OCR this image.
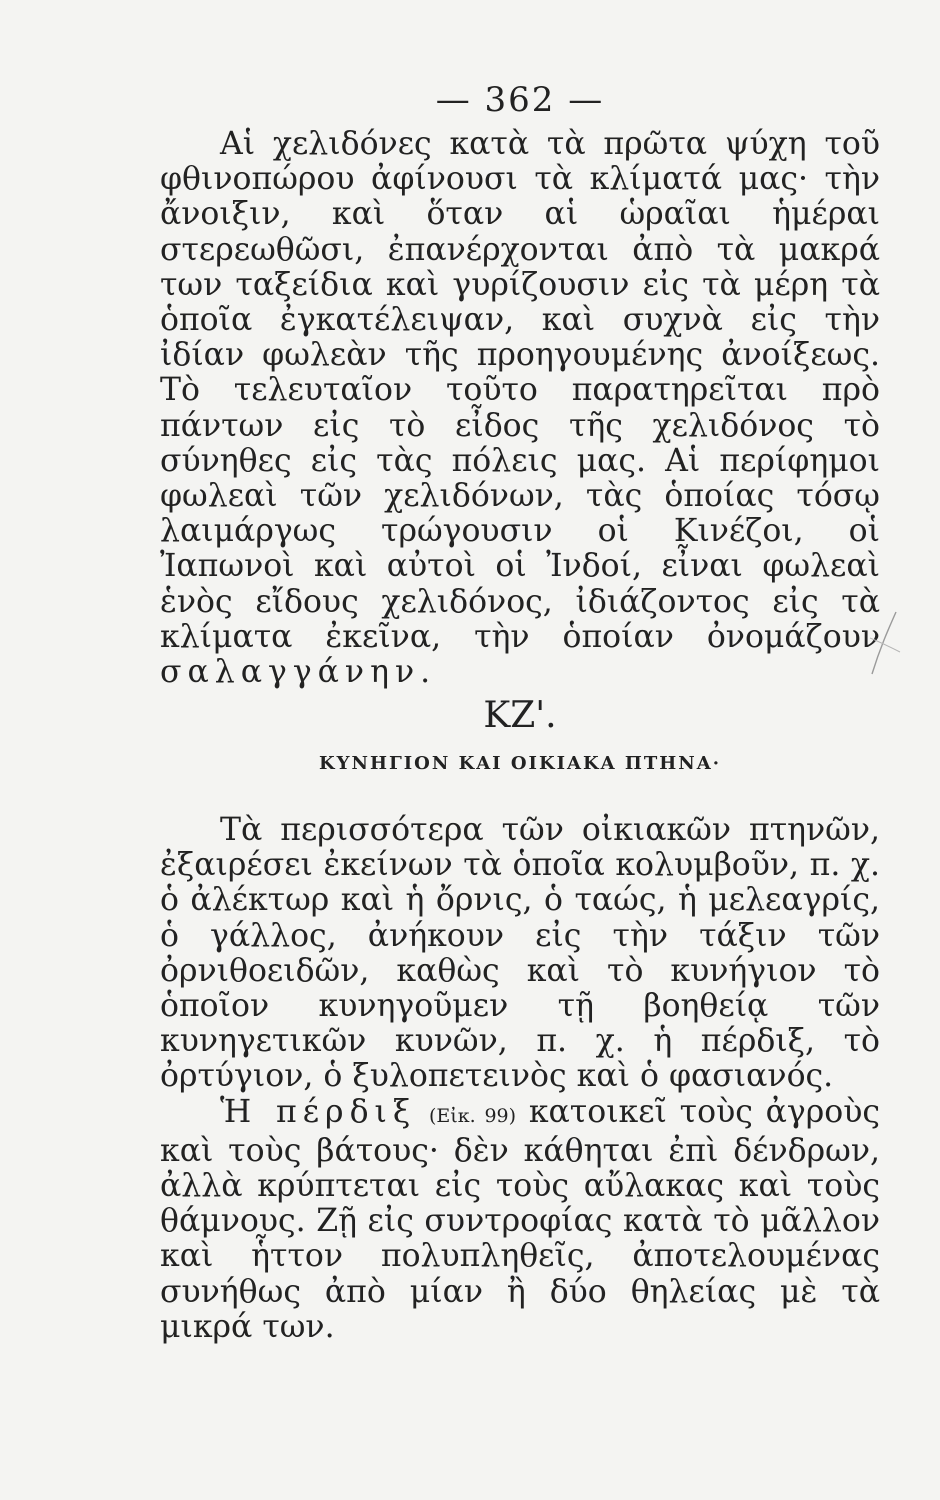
— 362 —

Αἱ χελιδόνες κατὰ τὰ πρῶτα ψύχη τοῦ φθινοπώρου ἀφίνουσι τὰ κλίματά μας· τὴν ἄνοιξιν, καὶ ὅταν αἱ ὡραῖαι ἡμέραι στερεωθῶσι, ἐπανέρχονται ἀπὸ τὰ μακρά των ταξείδια καὶ γυρίζουσιν εἰς τὰ μέρη τὰ ὁποῖα ἐγκατέλειψαν, καὶ συχνὰ εἰς τὴν ἰδίαν φωλεὰν τῆς προηγουμένης ἀνοίξεως. Τὸ τελευταῖον τοῦτο παρατηρεῖται πρὸ πάντων εἰς τὸ εἶδος τῆς χελιδόνος τὸ σύνηθες εἰς τὰς πόλεις μας. Αἱ περίφημοι φωλεαὶ τῶν χελιδόνων, τὰς ὁποίας τόσῳ λαιμάργως τρώγουσιν οἱ Κινέζοι, οἱ Ἰαπωνοὶ καὶ αὐτοὶ οἱ Ἰνδοί, εἶναι φωλεαὶ ἑνὸς εἴδους χελιδόνος, ἰδιάζοντος εἰς τὰ κλίματα ἐκεῖνα, τὴν ὁποίαν ὀνομάζουν σαλαγγάνην.

ΚΖ'.
ΚΥΝΗΓΙΟΝ ΚΑΙ ΟΙΚΙΑΚΑ ΠΤΗΝΑ·

Τὰ περισσότερα τῶν οἰκιακῶν πτηνῶν, ἐξαιρέσει ἐκείνων τὰ ὁποῖα κολυμβοῦν, π. χ. ὁ ἀλέκτωρ καὶ ἡ ὄρνις, ὁ ταώς, ἡ μελεαγρίς, ὁ γάλλος, ἀνήκουν εἰς τὴν τάξιν τῶν ὀρνιθοειδῶν, καθὼς καὶ τὸ κυνήγιον τὸ ὁποῖον κυνηγοῦμεν τῇ βοηθείᾳ τῶν κυνηγετικῶν κυνῶν, π. χ. ἡ πέρδιξ, τὸ ὀρτύγιον, ὁ ξυλοπετεινὸς καὶ ὁ φασιανός.

Ἡ πέρδιξ (Εἰκ. 99) κατοικεῖ τοὺς ἀγροὺς καὶ τοὺς βάτους· δὲν κάθηται ἐπὶ δένδρων, ἀλλὰ κρύπτεται εἰς τοὺς αὔλακας καὶ τοὺς θάμνους. Ζῇ εἰς συντροφίας κατὰ τὸ μᾶλλον καὶ ἧττον πολυπληθεῖς, ἀποτελουμένας συνήθως ἀπὸ μίαν ἢ δύο θηλείας μὲ τὰ μικρά των.
